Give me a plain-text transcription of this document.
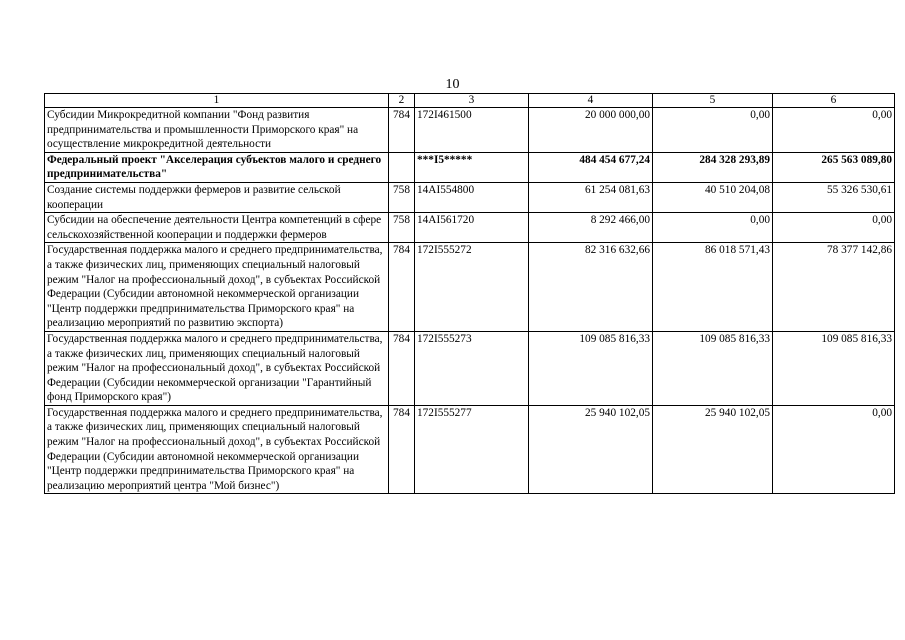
10
1	2	3	4	5	6
Субсидии Микрокредитной компании "Фонд развития предпринимательства и промышленности Приморского края" на осуществление микрокредитной деятельности	784	172I461500	20 000 000,00	0,00	0,00
Федеральный проект "Акселерация субъектов малого и среднего предпринимательства"		***I5*****	484 454 677,24	284 328 293,89	265 563 089,80
Создание системы поддержки фермеров и развитие сельской кооперации	758	14AI554800	61 254 081,63	40 510 204,08	55 326 530,61
Субсидии на обеспечение деятельности Центра компетенций в сфере сельскохозяйственной кооперации и поддержки фермеров	758	14AI561720	8 292 466,00	0,00	0,00
Государственная поддержка малого и среднего предпринимательства, а также физических лиц, применяющих специальный налоговый режим "Налог на профессиональный доход", в субъектах Российской Федерации (Субсидии автономной некоммерческой организации "Центр поддержки предпринимательства Приморского края" на реализацию мероприятий по развитию экспорта)	784	172I555272	82 316 632,66	86 018 571,43	78 377 142,86
Государственная поддержка малого и среднего предпринимательства, а также физических лиц, применяющих специальный налоговый режим "Налог на профессиональный доход", в субъектах Российской Федерации (Субсидии некоммерческой организации "Гарантийный фонд Приморского края")	784	172I555273	109 085 816,33	109 085 816,33	109 085 816,33
Государственная поддержка малого и среднего предпринимательства, а также физических лиц, применяющих специальный налоговый режим "Налог на профессиональный доход", в субъектах Российской Федерации (Субсидии автономной некоммерческой организации "Центр поддержки предпринимательства Приморского края" на реализацию мероприятий центра "Мой бизнес")	784	172I555277	25 940 102,05	25 940 102,05	0,00
